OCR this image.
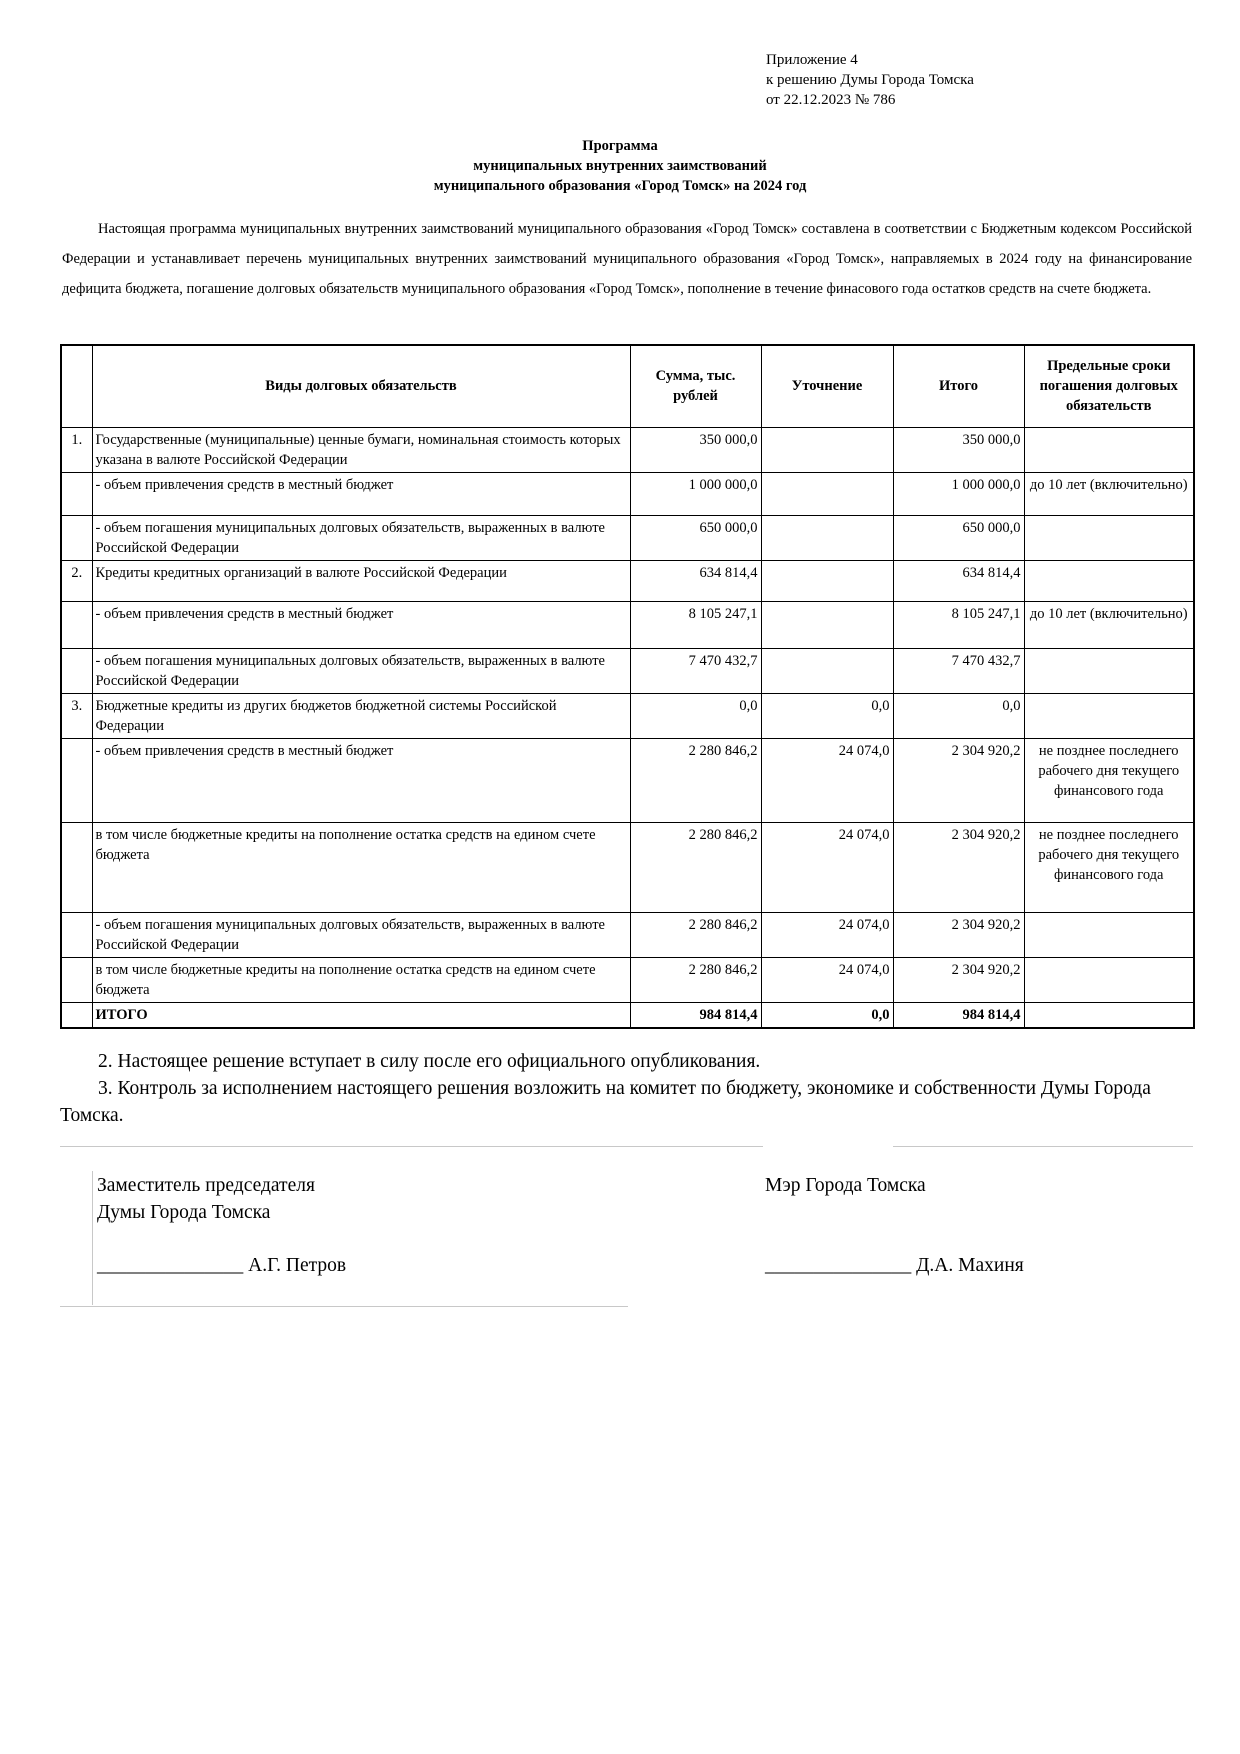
Приложение 4
к решению Думы Города Томска
от 22.12.2023 № 786
Программа
муниципальных внутренних заимствований
муниципального образования «Город Томск» на 2024 год

Настоящая программа муниципальных внутренних заимствований муниципального образования «Город Томск» составлена в соответствии с Бюджетным кодексом Российской Федерации и устанавливает перечень муниципальных внутренних заимствований муниципального образования «Город Томск», направляемых в 2024 году на финансирование дефицита бюджета, погашение долговых обязательств муниципального образования «Город Томск», пополнение в течение финасового года остатков средств на счете бюджета.

	Виды долговых обязательств	Сумма, тыс. рублей	Уточнение	Итого	Предельные сроки погашения долговых обязательств
1.	Государственные (муниципальные) ценные бумаги, номинальная стоимость которых указана в валюте Российской Федерации	350 000,0		350 000,0	
	- объем привлечения средств в местный бюджет	1 000 000,0		1 000 000,0	до 10 лет (включительно)
	- объем погашения муниципальных долговых обязательств, выраженных в валюте Российской Федерации	650 000,0		650 000,0	
2.	Кредиты кредитных организаций в валюте Российской Федерации	634 814,4		634 814,4	
	- объем привлечения средств в местный бюджет	8 105 247,1		8 105 247,1	до 10 лет (включительно)
	- объем погашения муниципальных долговых обязательств, выраженных в валюте Российской Федерации	7 470 432,7		7 470 432,7	
3.	Бюджетные кредиты из других бюджетов бюджетной системы Российской Федерации	0,0	0,0	0,0	
	- объем привлечения средств в местный бюджет	2 280 846,2	24 074,0	2 304 920,2	не позднее последнего рабочего дня текущего финансового года
	в том числе бюджетные кредиты на пополнение остатка средств на едином счете бюджета	2 280 846,2	24 074,0	2 304 920,2	не позднее последнего рабочего дня текущего финансового года
	- объем погашения муниципальных долговых обязательств, выраженных в валюте Российской Федерации	2 280 846,2	24 074,0	2 304 920,2	
	в том числе бюджетные кредиты на пополнение остатка средств на едином счете бюджета	2 280 846,2	24 074,0	2 304 920,2	
	ИТОГО	984 814,4	0,0	984 814,4	

2. Настоящее решение вступает в силу после его официального опубликования.

3. Контроль за исполнением настоящего решения возложить на комитет по бюджету, экономике и собственности Думы Города Томска.

Заместитель председателя
Думы Города Томска
_______________ А.Г. Петров
Мэр Города Томска
_______________ Д.А. Махиня
